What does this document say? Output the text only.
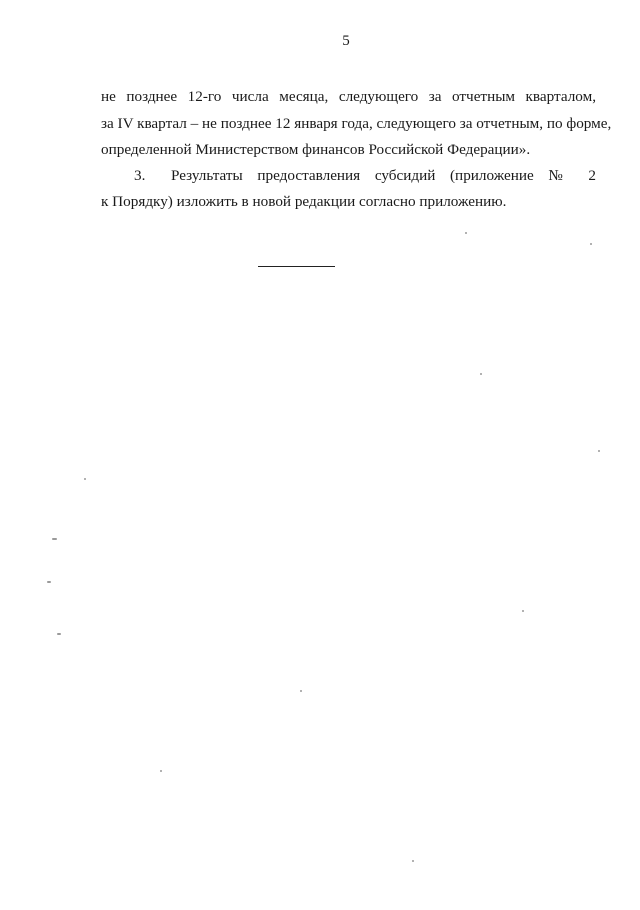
5
не позднее 12-го числа месяца, следующего за отчетным кварталом,
за IV квартал – не позднее 12 января года, следующего за отчетным, по форме,
определенной Министерством финансов Российской Федерации».
3. Результаты предоставления субсидий (приложение № 2
к Порядку) изложить в новой редакции согласно приложению.
